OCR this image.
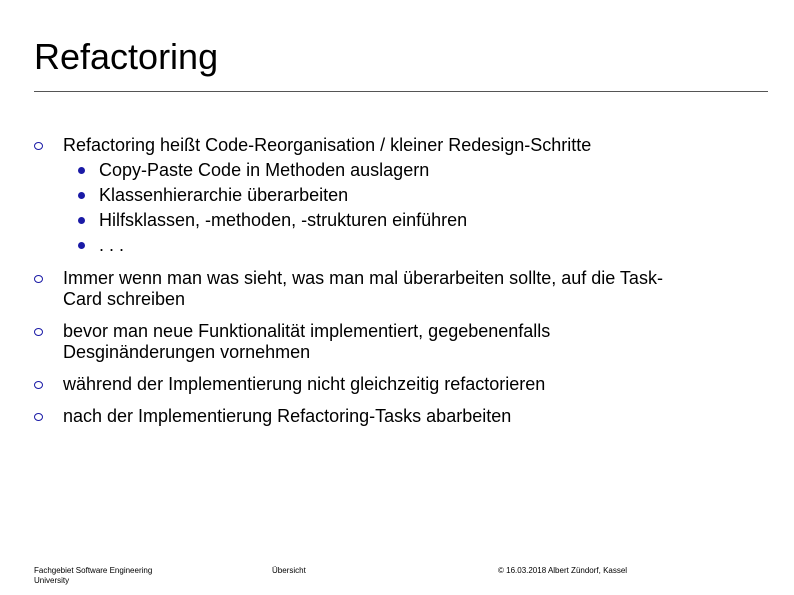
Refactoring
Refactoring heißt Code-Reorganisation / kleiner Redesign-Schritte
Copy-Paste Code in Methoden auslagern
Klassenhierarchie überarbeiten
Hilfsklassen, -methoden, -strukturen einführen
. . .
Immer wenn man was sieht, was man mal überarbeiten sollte, auf die Task-
Card schreiben
bevor man neue Funktionalität implementiert, gegebenenfalls
Desginänderungen vornehmen
während der Implementierung nicht gleichzeitig refactorieren
nach der Implementierung Refactoring-Tasks abarbeiten
Fachgebiet Software Engineering
University
Übersicht	© 16.03.2018 Albert Zündorf, Kassel
